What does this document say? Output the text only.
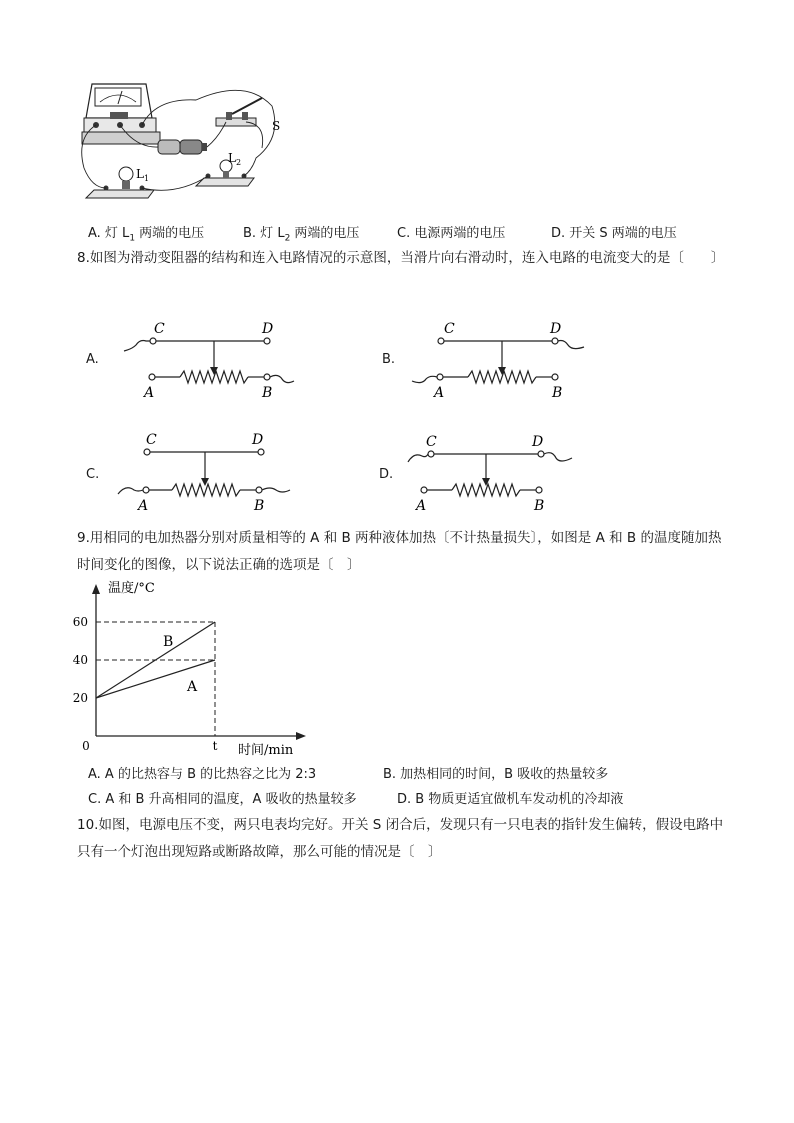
S
$L_1$
$L_2$
A. 灯 $L_1$ 两端的电压	B. 灯 $L_2$ 两端的电压	C. 电源两端的电压	D. 开关 S 两端的电压
8.如图为滑动变阻器的结构和连入电路情况的示意图，当滑片向右滑动时，连入电路的电流变大的是〔　　〕
A.
C	D
A	B
B.
C	D
A	B
C.
C	D
A	B
D.
C	D
A	B
9.用相同的电加热器分别对质量相等的 A 和 B 两种液体加热〔不计热量损失〕，如图是 A 和 B 的温度随加热时间变化的图像，以下说法正确的选项是〔　〕
温度/°C
时间/min
60
40
20
0	t
B
A
A. A 的比热容与 B 的比热容之比为 2:3	B. 加热相同的时间，B 吸收的热量较多
C. A 和 B 升高相同的温度，A 吸收的热量较多	D. B 物质更适宜做机车发动机的冷却液
10.如图，电源电压不变，两只电表均完好。开关 S 闭合后，发现只有一只电表的指针发生偏转，假设电路中只有一个灯泡出现短路或断路故障，那么可能的情况是〔　〕
